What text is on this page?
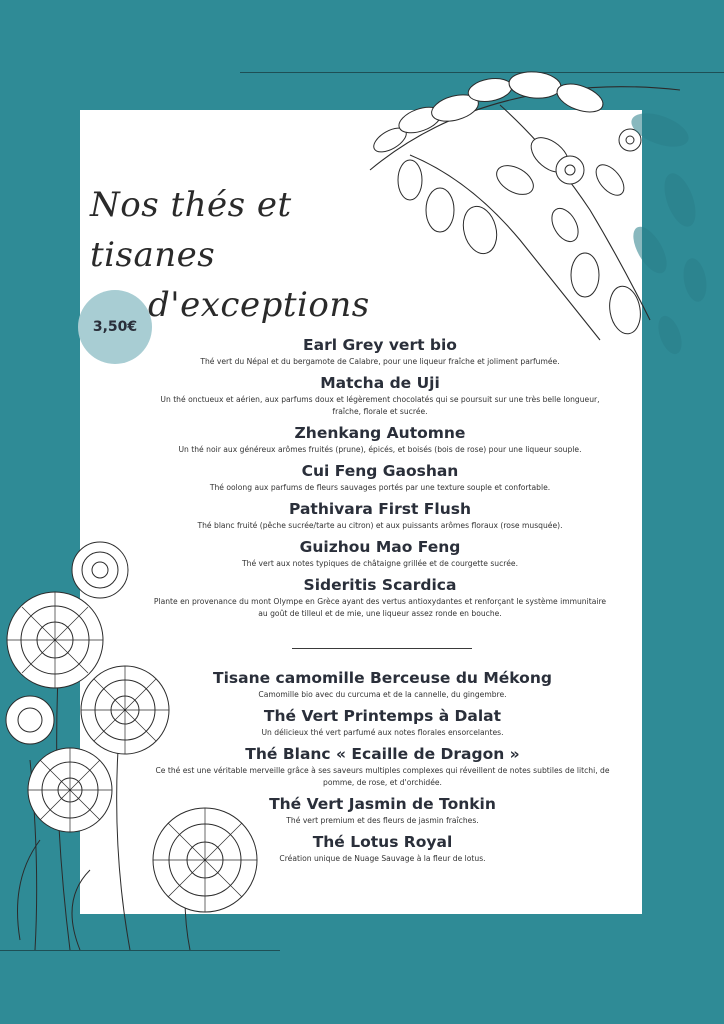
Nos thés et tisanes
d'exceptions
3,50€

Earl Grey vert bio

Thé vert du Népal et du bergamote de Calabre, pour une liqueur fraîche et joliment parfumée.

Matcha de Uji

Un thé onctueux et aérien, aux parfums doux et légèrement chocolatés qui se poursuit sur une très belle longueur, fraîche, florale et sucrée.

Zhenkang Automne

Un thé noir aux généreux arômes fruités (prune), épicés, et boisés (bois de rose) pour une liqueur souple.

Cui Feng Gaoshan

Thé oolong aux parfums de fleurs sauvages portés par une texture souple et confortable.

Pathivara First Flush

Thé blanc fruité (pêche sucrée/tarte au citron) et aux puissants arômes floraux (rose musquée).

Guizhou Mao Feng

Thé vert aux notes typiques de châtaigne grillée et de courgette sucrée.

Sideritis Scardica

Plante en provenance du mont Olympe en Grèce ayant des vertus antioxydantes et renforçant le système immunitaire au goût de tilleul et de mie, une liqueur assez ronde en bouche.

Tisane camomille Berceuse du Mékong

Camomille bio avec du curcuma et de la cannelle, du gingembre.

Thé Vert Printemps à Dalat

Un délicieux thé vert parfumé aux notes florales ensorcelantes.

Thé Blanc « Ecaille de Dragon »

Ce thé est une véritable merveille grâce à ses saveurs multiples complexes qui réveillent de notes subtiles de litchi, de pomme, de rose, et d'orchidée.

Thé Vert Jasmin de Tonkin

Thé vert premium et des fleurs de jasmin fraîches.

Thé Lotus Royal

Création unique de Nuage Sauvage à la fleur de lotus.
